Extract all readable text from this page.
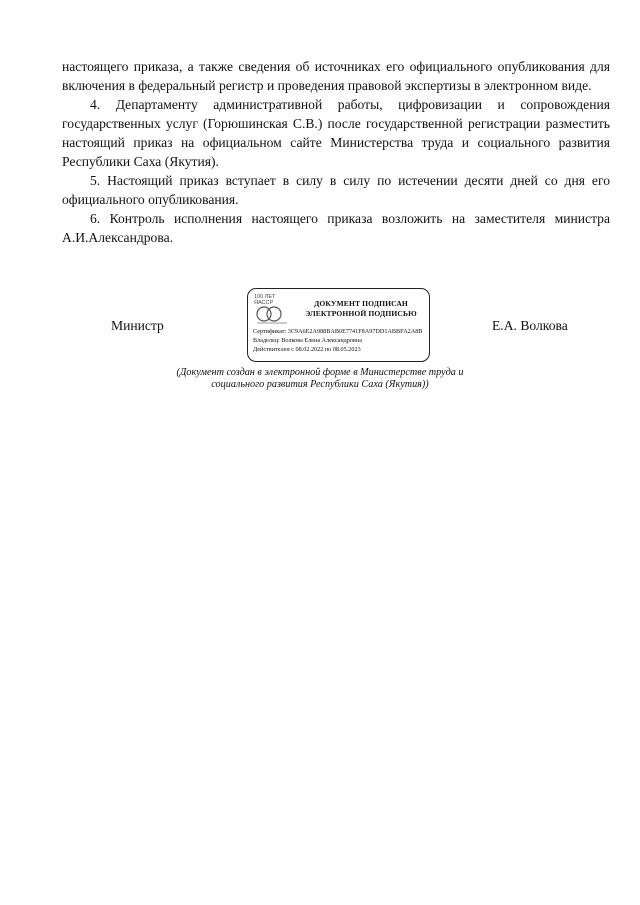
настоящего приказа, а также сведения об источниках его официального опубликования для включения в федеральный регистр и проведения правовой экспертизы в электронном виде.

4. Департаменту административной работы, цифровизации и сопровождения государственных услуг (Горюшинская С.В.) после государственной регистрации разместить настоящий приказ на официальном сайте Министерства труда и социального развития Республики Саха (Якутия).

5. Настоящий приказ вступает в силу в силу по истечении десяти дней со дня его официального опубликования.

6. Контроль исполнения настоящего приказа возложить на заместителя министра А.И.Александрова.

Министр
100 ЛЕТ
ЯАССР	ДОКУМЕНТ ПОДПИСАН
ЭЛЕКТРОННОЙ ПОДПИСЬЮ
Сертификат: 3C9A6E2A988BAB0E7741F8A97DD1ABBFA2A8B
Владелец: Волкова Елена Александровна
Действителен с 08.02.2022 по 08.05.2023
Е.А. Волкова
(Документ создан в электронной форме в Министерстве труда и
социального развития Республики Саха (Якутия))
